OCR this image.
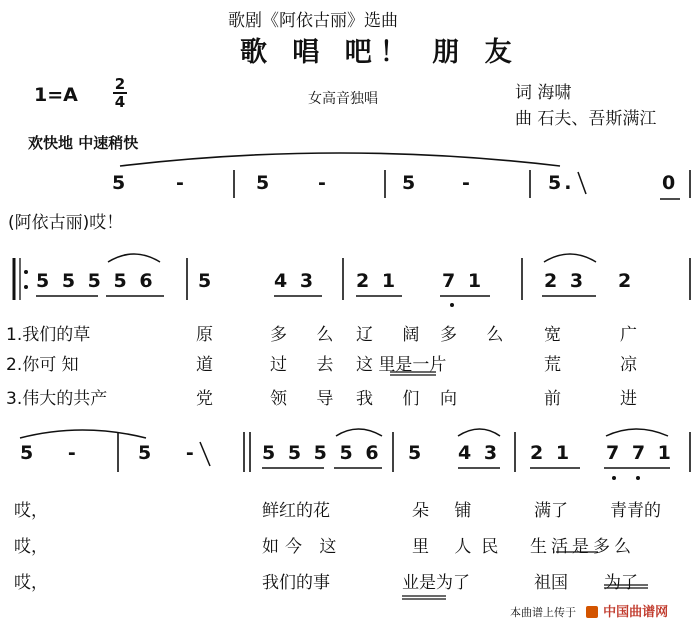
歌剧《阿依古丽》选曲
歌 唱 吧！ 朋 友
1=A 2
4	女高音独唱	词 海啸
曲 石夫、吾斯满江
欢快地 中速稍快
5	-	5 -	5 -	5.	0
(阿依古丽)哎！
5 5 5 5 6 5	4 3 2 1 7 1	2 3 2
1.我们的草	原	多 么 辽 阔 多 么 宽	广
2.你可 知	道	过 去 这 里是一片	荒	凉
3.伟大的共产	党	领 导 我 们 向	前	进
5 -	5 -	5 5 5 5 6 5 4 3 2 1 7 7 1
哎，	鲜红的花	朵 铺	满了 青青的
哎，	如今 这	里 人民 生活是多么
哎，	我们的事	业是为了	祖国 为了
本曲谱上传于	中国曲谱网
